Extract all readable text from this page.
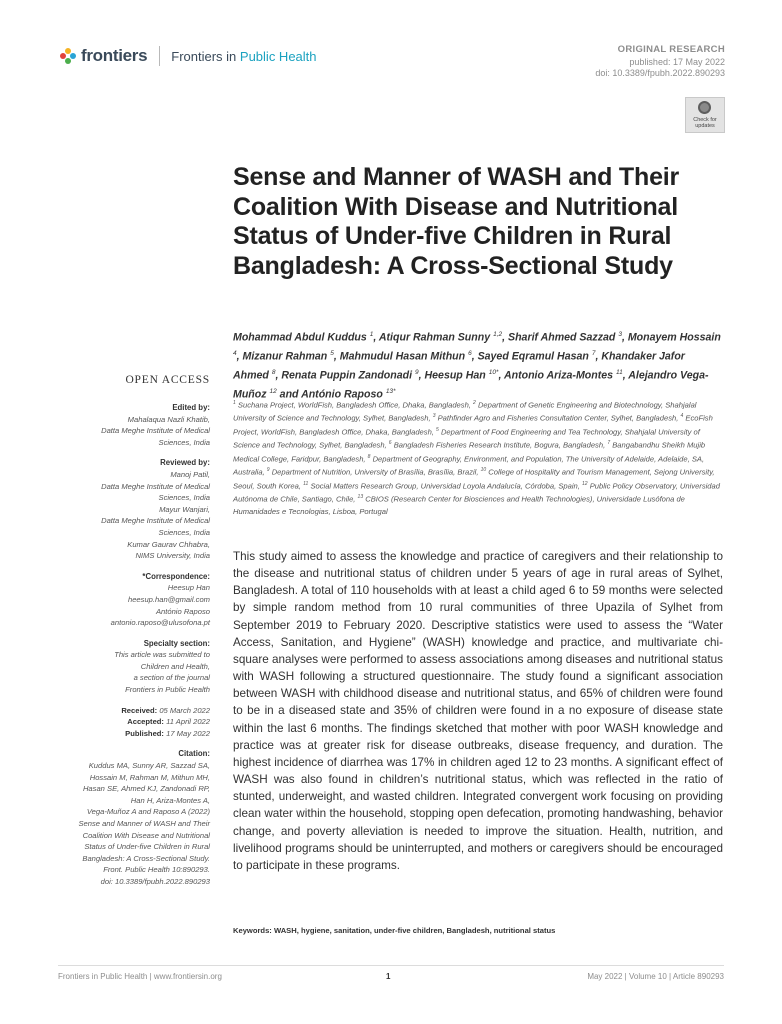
frontiers Frontiers in Public Health	ORIGINAL RESEARCH
published: 17 May 2022
doi: 10.3389/fpubh.2022.890293
Check for updates
Sense and Manner of WASH and Their Coalition With Disease and Nutritional Status of Under-five Children in Rural Bangladesh: A Cross-Sectional Study
Mohammad Abdul Kuddus $^1$, Atiqur Rahman Sunny $^{1,2}$, Sharif Ahmed Sazzad $^3$, Monayem Hossain $^4$, Mizanur Rahman $^5$, Mahmudul Hasan Mithun $^6$, Sayed Eqramul Hasan $^7$, Khandaker Jafor Ahmed $^8$, Renata Puppin Zandonadi $^9$, Heesup Han $^{10*}$, Antonio Ariza-Montes $^{11}$, Alejandro Vega-Muñoz $^{12}$ and António Raposo $^{13*}$
$^1$ Suchana Project, WorldFish, Bangladesh Office, Dhaka, Bangladesh, $^2$ Department of Genetic Engineering and Biotechnology, Shahjalal University of Science and Technology, Sylhet, Bangladesh, $^3$ Pathfinder Agro and Fisheries Consultation Center, Sylhet, Bangladesh, $^4$ EcoFish Project, WorldFish, Bangladesh Office, Dhaka, Bangladesh, $^5$ Department of Food Engineering and Tea Technology, Shahjalal University of Science and Technology, Sylhet, Bangladesh, $^6$ Bangladesh Fisheries Research Institute, Bogura, Bangladesh, $^7$ Bangabandhu Sheikh Mujib Medical College, Faridpur, Bangladesh, $^8$ Department of Geography, Environment, and Population, The University of Adelaide, Adelaide, SA, Australia, $^9$ Department of Nutrition, University of Brasília, Brasília, Brazil, $^{10}$ College of Hospitality and Tourism Management, Sejong University, Seoul, South Korea, $^{11}$ Social Matters Research Group, Universidad Loyola Andalucía, Córdoba, Spain, $^{12}$ Public Policy Observatory, Universidad Autónoma de Chile, Santiago, Chile, $^{13}$ CBIOS (Research Center for Biosciences and Health Technologies), Universidade Lusófona de Humanidades e Tecnologias, Lisboa, Portugal
OPEN ACCESS
Edited by:
Mahalaqua Nazli Khatib,
Datta Meghe Institute of Medical
Sciences, India
Reviewed by:
Manoj Patil,
Datta Meghe Institute of Medical
Sciences, India
Mayur Wanjari,
Datta Meghe Institute of Medical
Sciences, India
Kumar Gaurav Chhabra,
NIMS University, India
*Correspondence:
Heesup Han
heesup.han@gmail.com
António Raposo
antonio.raposo@ulusofona.pt
Specialty section:
This article was submitted to
Children and Health,
a section of the journal
Frontiers in Public Health
Received: 05 March 2022
Accepted: 11 April 2022
Published: 17 May 2022
Citation:
Kuddus MA, Sunny AR, Sazzad SA,
Hossain M, Rahman M, Mithun MH,
Hasan SE, Ahmed KJ, Zandonadi RP,
Han H, Ariza-Montes A,
Vega-Muñoz A and Raposo A (2022)
Sense and Manner of WASH and Their
Coalition With Disease and Nutritional
Status of Under-five Children in Rural
Bangladesh: A Cross-Sectional Study.
Front. Public Health 10:890293.
doi: 10.3389/fpubh.2022.890293

This study aimed to assess the knowledge and practice of caregivers and their relationship to the disease and nutritional status of children under 5 years of age in rural areas of Sylhet, Bangladesh. A total of 110 households with at least a child aged 6 to 59 months were selected by simple random method from 10 rural communities of three Upazila of Sylhet from September 2019 to February 2020. Descriptive statistics were used to assess the “Water Access, Sanitation, and Hygiene” (WASH) knowledge and practice, and multivariate chi-square analyses were performed to assess associations among diseases and nutritional status with WASH following a structured questionnaire. The study found a significant association between WASH with childhood disease and nutritional status, and 65% of children were found to be in a diseased state and 35% of children were found in a no exposure of disease state within the last 6 months. The findings sketched that mother with poor WASH knowledge and practice was at greater risk for disease outbreaks, disease frequency, and duration. The highest incidence of diarrhea was 17% in children aged 12 to 23 months. A significant effect of WASH was also found in children’s nutritional status, which was reflected in the ratio of stunted, underweight, and wasted children. Integrated convergent work focusing on providing clean water within the household, stopping open defecation, promoting handwashing, behavior change, and poverty alleviation is needed to improve the situation. Health, nutrition, and livelihood programs should be uninterrupted, and mothers or caregivers should be encouraged to participate in these programs.

Keywords: WASH, hygiene, sanitation, under-five children, Bangladesh, nutritional status
Frontiers in Public Health | www.frontiersin.org	1	May 2022 | Volume 10 | Article 890293
